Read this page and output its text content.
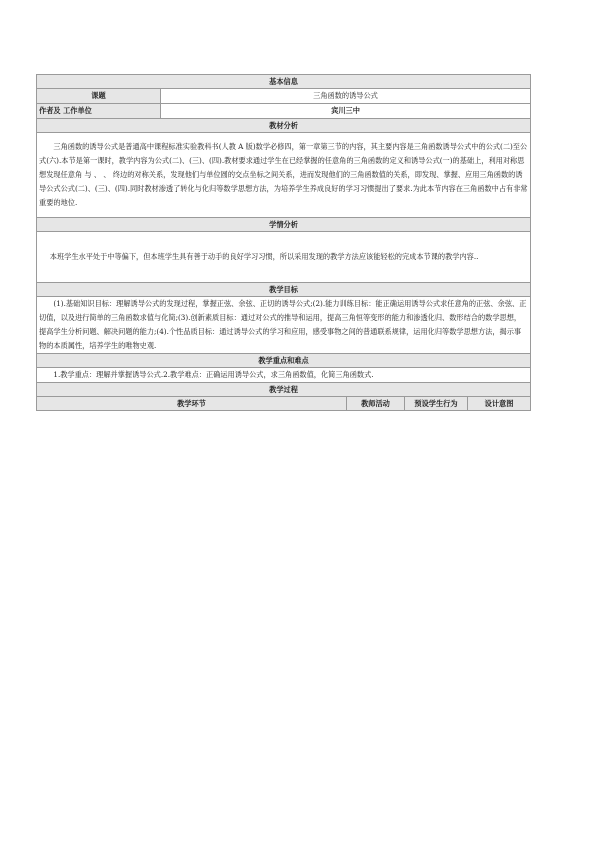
基本信息				
课题	三角函数的诱导公式			
作者及 工作单位	宾川三中			
教材分析				
三角函数的诱导公式是普通高中课程标准实验教科书(人教 A 版)数学必修四，第一章第三节的内容，其主要内容是三角函数诱导公式中的公式(二)至公式(六).本节是第一课时，教学内容为公式(二)、(三)、(四).教材要求通过学生在已经掌握的任意角的三角函数的定义和诱导公式(一)的基础上，利用对称思想发现任意角 与 、 、 终边的对称关系，发现他们与单位圆的交点坐标之间关系，进而发现他们的三角函数值的关系，即发现、掌握、应用三角函数的诱导公式公式(二)、(三)、(四).同时教材渗透了转化与化归等数学思想方法，为培养学生养成良好的学习习惯提出了要求.为此本节内容在三角函数中占有非常重要的地位.				
学情分析				
本班学生水平处于中等偏下，但本班学生具有善于动手的良好学习习惯，所以采用发现的教学方法应该能轻松的完成本节课的教学内容..				
教学目标				
(1).基础知识目标：理解诱导公式的发现过程，掌握正弦、余弦、正切的诱导公式;(2).能力训练目标：能正确运用诱导公式求任意角的正弦、余弦、正切值，以及进行简单的三角函数求值与化简;(3).创新素质目标：通过对公式的推导和运用，提高三角恒等变形的能力和渗透化归、数形结合的数学思想，提高学生分析问题、解决问题的能力;(4).个性品质目标：通过诱导公式的学习和应用，感受事物之间的普通联系规律，运用化归等数学思想方法，揭示事物的本质属性，培养学生的唯物史观.				
教学重点和难点				
1.教学重点：理解并掌握诱导公式.2.教学难点：正确运用诱导公式，求三角函数值，化简三角函数式.				
教学过程				
教学环节		教师活动	预设学生行为	设计意图
